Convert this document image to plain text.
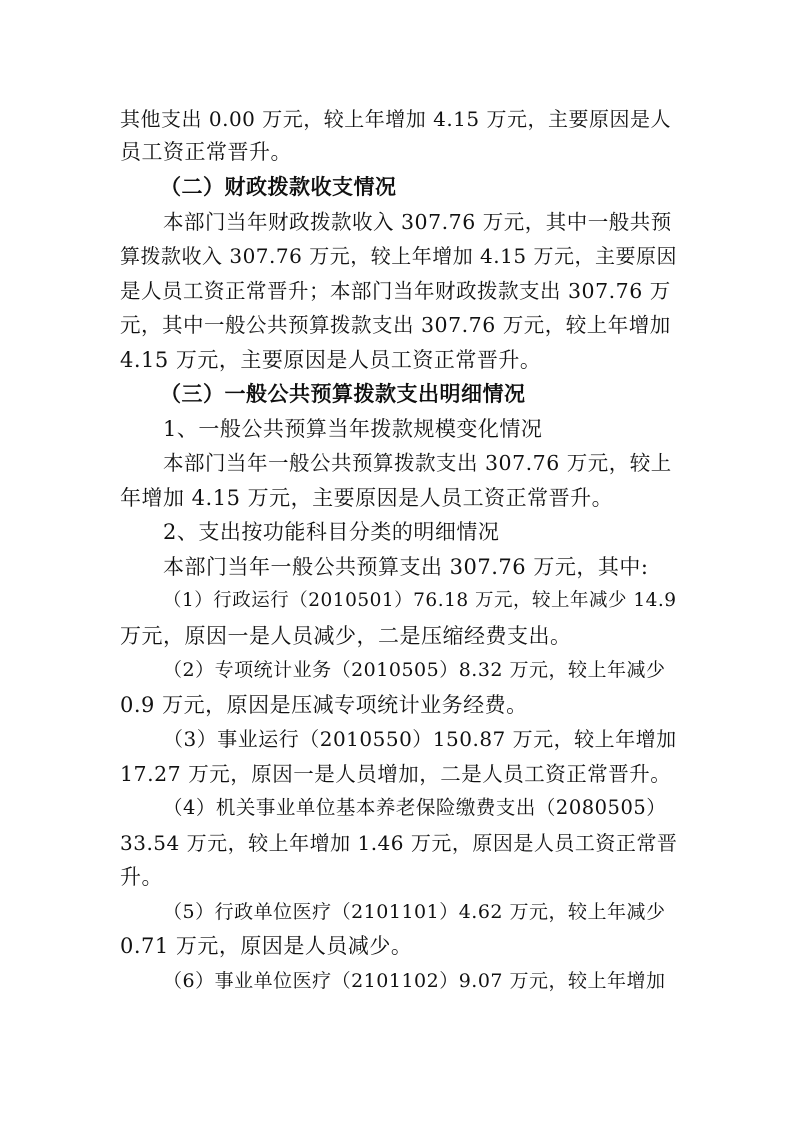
其他支出 0.00 万元，较上年增加 4.15 万元，主要原因是人
员工资正常晋升。
（二）财政拨款收支情况
本部门当年财政拨款收入 307.76 万元，其中一般共预
算拨款收入 307.76 万元，较上年增加 4.15 万元，主要原因
是人员工资正常晋升；本部门当年财政拨款支出 307.76 万
元，其中一般公共预算拨款支出 307.76 万元，较上年增加
4.15 万元，主要原因是人员工资正常晋升。
（三）一般公共预算拨款支出明细情况
1、一般公共预算当年拨款规模变化情况
本部门当年一般公共预算拨款支出 307.76 万元，较上
年增加 4.15 万元，主要原因是人员工资正常晋升。
2、支出按功能科目分类的明细情况
本部门当年一般公共预算支出 307.76 万元，其中:
（1）行政运行（2010501）76.18 万元，较上年减少 14.9
万元，原因一是人员减少，二是压缩经费支出。
（2）专项统计业务（2010505）8.32 万元，较上年减少
0.9 万元，原因是压减专项统计业务经费。
（3）事业运行（2010550）150.87 万元，较上年增加
17.27 万元，原因一是人员增加，二是人员工资正常晋升。
（4）机关事业单位基本养老保险缴费支出（2080505）
33.54 万元，较上年增加 1.46 万元，原因是人员工资正常晋
升。
（5）行政单位医疗（2101101）4.62 万元，较上年减少
0.71 万元，原因是人员减少。
（6）事业单位医疗（2101102）9.07 万元，较上年增加
